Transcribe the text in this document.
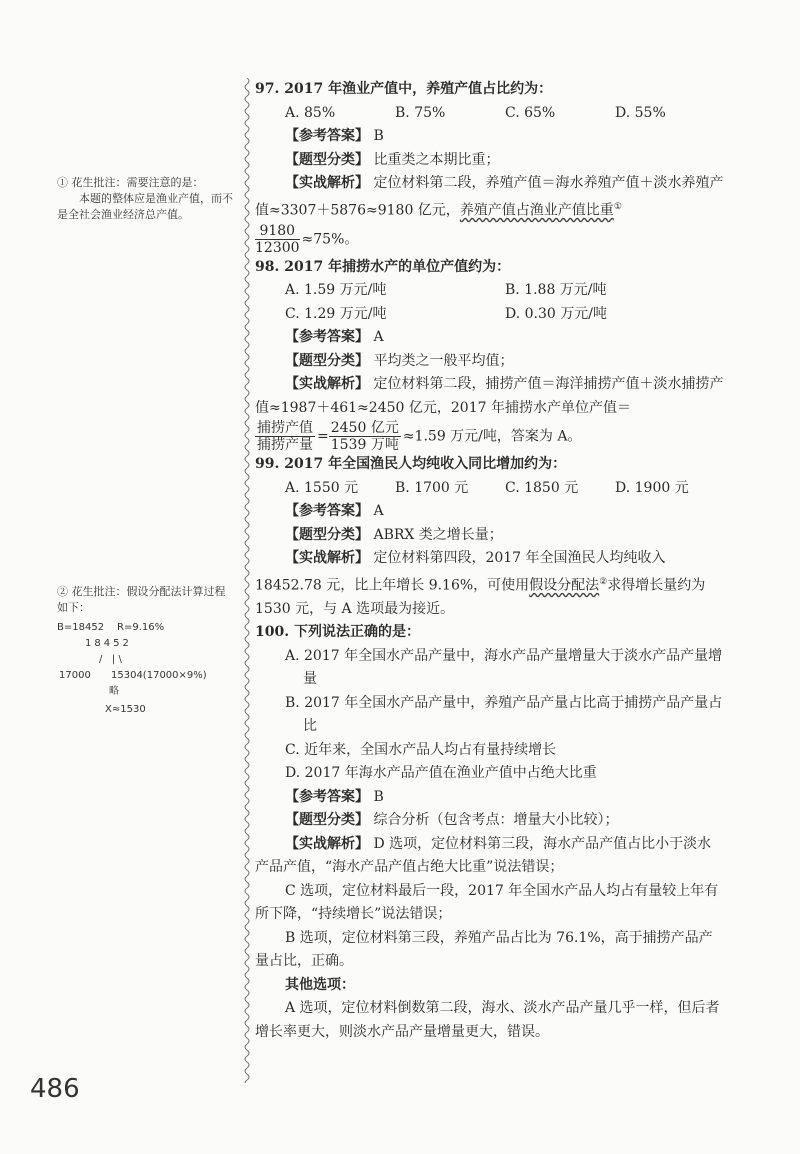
① 花生批注：需要注意的是：
本题的整体应是渔业产值，而不是全社会渔业经济总产值。
② 花生批注：假设分配法计算过程如下：
B=18452	R=9.16%
18452
/   | \
17000	15304(17000×9%)
略
X≈1530
97. 2017 年渔业产值中，养殖产值占比约为：
A. 85%	B. 75%	C. 65%	D. 55%
【参考答案】 B
【题型分类】 比重类之本期比重；
【实战解析】 定位材料第二段，养殖产值＝海水养殖产值＋淡水养殖产值≈3307＋5876≈9180 亿元，养殖产值占渔业产值比重①
$\frac{9180}{12300} \approx 75\%$。
98. 2017 年捕捞水产的单位产值约为：
A. 1.59 万元/吨	B. 1.88 万元/吨
C. 1.29 万元/吨	D. 0.30 万元/吨
【参考答案】 A
【题型分类】 平均类之一般平均值；
【实战解析】 定位材料第二段，捕捞产值＝海洋捕捞产值＋淡水捕捞产值≈1987＋461≈2450 亿元，2017 年捕捞水产单位产值＝
$\frac{\text{捕捞产值}}{\text{捕捞产量}} = \frac{\text{2450 亿元}}{\text{1539 万吨}} \approx 1.59$ 万元/吨，答案为 A。
99. 2017 年全国渔民人均纯收入同比增加约为：
A. 1550 元	B. 1700 元	C. 1850 元	D. 1900 元
【参考答案】 A
【题型分类】 ABRX 类之增长量；
【实战解析】 定位材料第四段，2017 年全国渔民人均纯收入 18452.78 元，比上年增长 9.16%，可使用假设分配法②求得增长量约为 1530 元，与 A 选项最为接近。
100. 下列说法正确的是：
A. 2017 年全国水产品产量中，海水产品产量增量大于淡水产品产量增量
B. 2017 年全国水产品产量中，养殖产品产量占比高于捕捞产品产量占比
C. 近年来，全国水产品人均占有量持续增长
D. 2017 年海水产品产值在渔业产值中占绝大比重
【参考答案】 B
【题型分类】 综合分析（包含考点：增量大小比较）；
【实战解析】 D 选项，定位材料第三段，海水产品产值占比小于淡水产品产值，“海水产品产值占绝大比重”说法错误；
C 选项，定位材料最后一段，2017 年全国水产品人均占有量较上年有所下降，“持续增长”说法错误；
B 选项，定位材料第三段，养殖产品占比为 76.1%，高于捕捞产品产量占比，正确。
其他选项：
A 选项，定位材料倒数第二段，海水、淡水产品产量几乎一样，但后者增长率更大，则淡水产品产量增量更大，错误。
486
